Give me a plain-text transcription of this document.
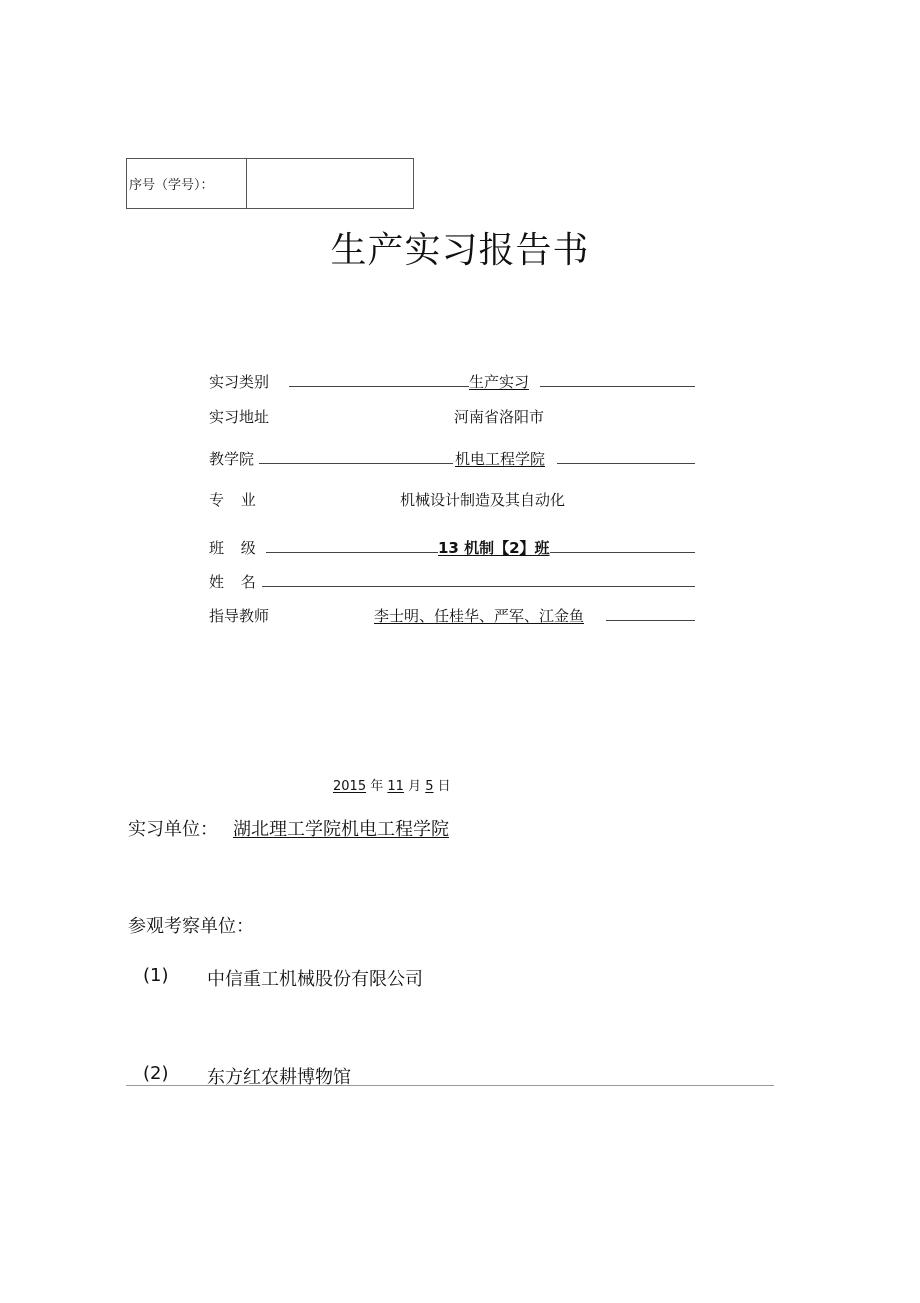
序号（学号）：
生产实习报告书
实习类别	生产实习
实习地址	河南省洛阳市
教学院	机电工程学院
专 业	机械设计制造及其自动化
班 级	13 机制【2】班
姓 名
指导教师	李士明、任桂华、严军、江金鱼
2015 年 11 月 5 日
实习单位： 湖北理工学院机电工程学院
参观考察单位：
(1) 中信重工机械股份有限公司
(2) 东方红农耕博物馆
